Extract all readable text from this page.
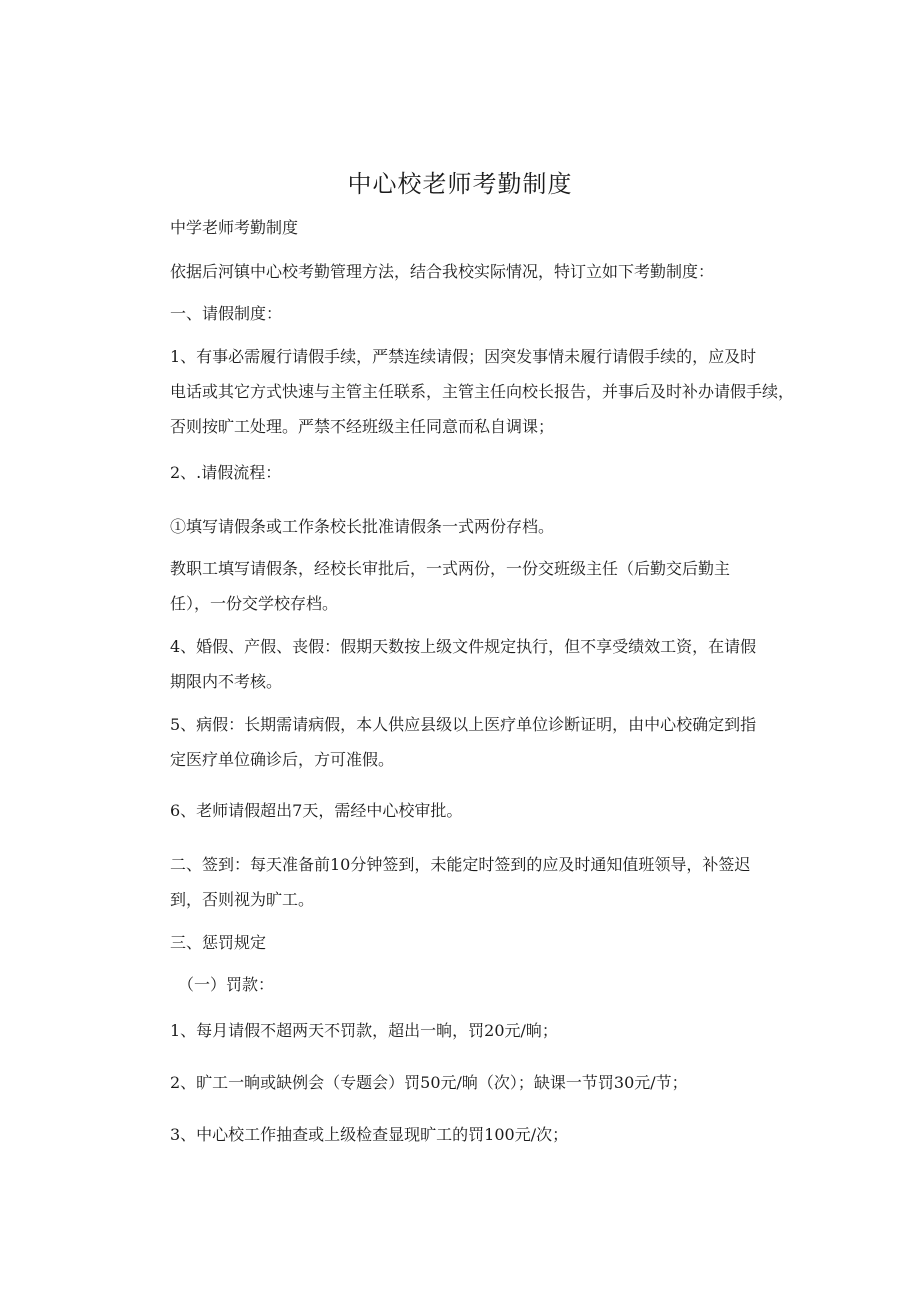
中心校老师考勤制度

中学老师考勤制度

依据后河镇中心校考勤管理方法，结合我校实际情况，特订立如下考勤制度：

一、请假制度：

1、有事必需履行请假手续，严禁连续请假；因突发事情未履行请假手续的，应及时
电话或其它方式快速与主管主任联系，主管主任向校长报告，并事后及时补办请假手续，
否则按旷工处理。严禁不经班级主任同意而私自调课；

2、.请假流程：

①填写请假条或工作条校长批准请假条一式两份存档。

教职工填写请假条，经校长审批后，一式两份，一份交班级主任（后勤交后勤主
任），一份交学校存档。

4、婚假、产假、丧假：假期天数按上级文件规定执行，但不享受绩效工资，在请假
期限内不考核。

5、病假：长期需请病假，本人供应县级以上医疗单位诊断证明，由中心校确定到指
定医疗单位确诊后，方可准假。

6、老师请假超出7天，需经中心校审批。

二、签到：每天准备前10分钟签到，未能定时签到的应及时通知值班领导，补签迟
到，否则视为旷工。

三、惩罚规定

（一）罚款：

1、每月请假不超两天不罚款，超出一晌，罚20元/晌；

2、旷工一晌或缺例会（专题会）罚50元/晌（次）；缺课一节罚30元/节；

3、中心校工作抽查或上级检查显现旷工的罚100元/次；
